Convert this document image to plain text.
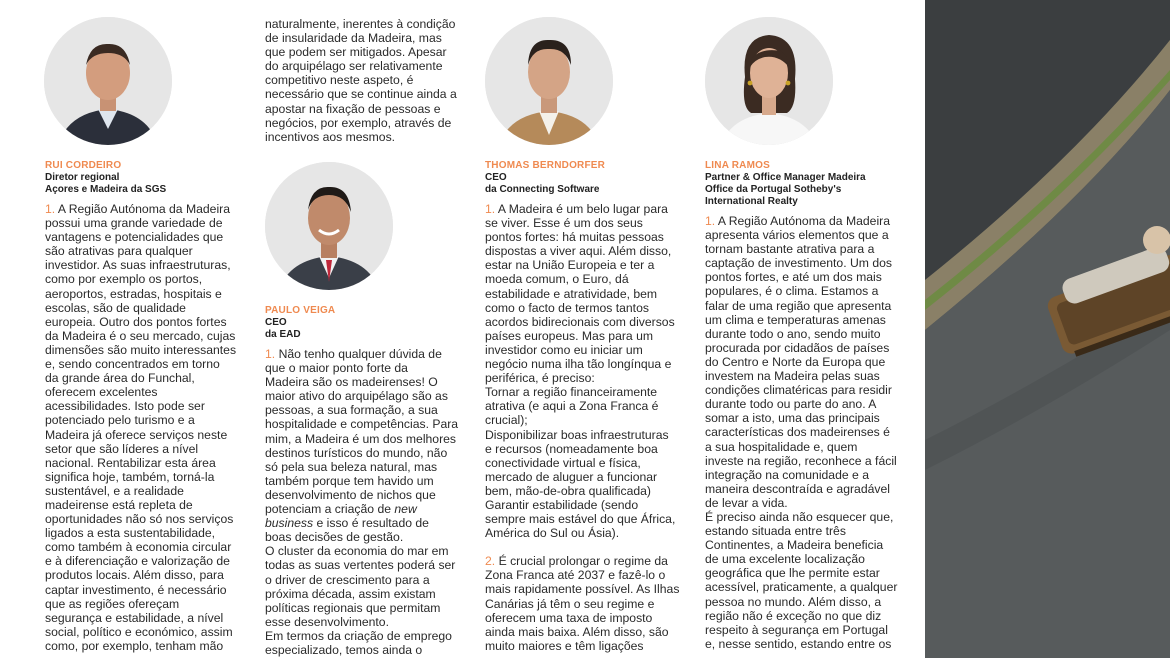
RUI CORDEIRO
Diretor regional
Açores e Madeira da SGS
1. A Região Autónoma da Madeira
possui uma grande variedade de
vantagens e potencialidades que
são atrativas para qualquer
investidor. As suas infraestruturas,
como por exemplo os portos,
aeroportos, estradas, hospitais e
escolas, são de qualidade
europeia. Outro dos pontos fortes
da Madeira é o seu mercado, cujas
dimensões são muito interessantes
e, sendo concentrados em torno
da grande área do Funchal,
oferecem excelentes
acessibilidades. Isto pode ser
potenciado pelo turismo e a
Madeira já oferece serviços neste
setor que são líderes a nível
nacional. Rentabilizar esta área
significa hoje, também, torná-la
sustentável, e a realidade
madeirense está repleta de
oportunidades não só nos serviços
ligados a esta sustentabilidade,
como também à economia circular
e à diferenciação e valorização de
produtos locais. Além disso, para
captar investimento, é necessário
que as regiões ofereçam
segurança e estabilidade, a nível
social, político e económico, assim
como, por exemplo, tenham mão
naturalmente, inerentes à condição
de insularidade da Madeira, mas
que podem ser mitigados. Apesar
do arquipélago ser relativamente
competitivo neste aspeto, é
necessário que se continue ainda a
apostar na fixação de pessoas e
negócios, por exemplo, através de
incentivos aos mesmos.
PAULO VEIGA
CEO
da EAD
1. Não tenho qualquer dúvida de
que o maior ponto forte da
Madeira são os madeirenses! O
maior ativo do arquipélago são as
pessoas, a sua formação, a sua
hospitalidade e competências. Para
mim, a Madeira é um dos melhores
destinos turísticos do mundo, não
só pela sua beleza natural, mas
também porque tem havido um
desenvolvimento de nichos que
potenciam a criação de new
business e isso é resultado de
boas decisões de gestão.
O cluster da economia do mar em
todas as suas vertentes poderá ser
o driver de crescimento para a
próxima década, assim existam
políticas regionais que permitam
esse desenvolvimento.
Em termos da criação de emprego
especializado, temos ainda o
THOMAS BERNDORFER
CEO
da Connecting Software
1. A Madeira é um belo lugar para
se viver. Esse é um dos seus
pontos fortes: há muitas pessoas
dispostas a viver aqui. Além disso,
estar na União Europeia e ter a
moeda comum, o Euro, dá
estabilidade e atratividade, bem
como o facto de termos tantos
acordos bidirecionais com diversos
países europeus. Mas para um
investidor como eu iniciar um
negócio numa ilha tão longínqua e
periférica, é preciso:
Tornar a região financeiramente
atrativa (e aqui a Zona Franca é
crucial);
Disponibilizar boas infraestruturas
e recursos (nomeadamente boa
conectividade virtual e física,
mercado de aluguer a funcionar
bem, mão-de-obra qualificada)
Garantir estabilidade (sendo
sempre mais estável do que África,
América do Sul ou Ásia).
2. É crucial prolongar o regime da
Zona Franca até 2037 e fazê-lo o
mais rapidamente possível. As Ilhas
Canárias já têm o seu regime e
oferecem uma taxa de imposto
ainda mais baixa. Além disso, são
muito maiores e têm ligações
LINA RAMOS
Partner & Office Manager Madeira
Office da Portugal Sotheby's
International Realty
1. A Região Autónoma da Madeira
apresenta vários elementos que a
tornam bastante atrativa para a
captação de investimento. Um dos
pontos fortes, e até um dos mais
populares, é o clima. Estamos a
falar de uma região que apresenta
um clima e temperaturas amenas
durante todo o ano, sendo muito
procurada por cidadãos de países
do Centro e Norte da Europa que
investem na Madeira pelas suas
condições climatéricas para residir
durante todo ou parte do ano. A
somar a isto, uma das principais
características dos madeirenses é
a sua hospitalidade e, quem
investe na região, reconhece a fácil
integração na comunidade e a
maneira descontraída e agradável
de levar a vida.
É preciso ainda não esquecer que,
estando situada entre três
Continentes, a Madeira beneficia
de uma excelente localização
geográfica que lhe permite estar
acessível, praticamente, a qualquer
pessoa no mundo. Além disso, a
região não é exceção no que diz
respeito à segurança em Portugal
e, nesse sentido, estando entre os
